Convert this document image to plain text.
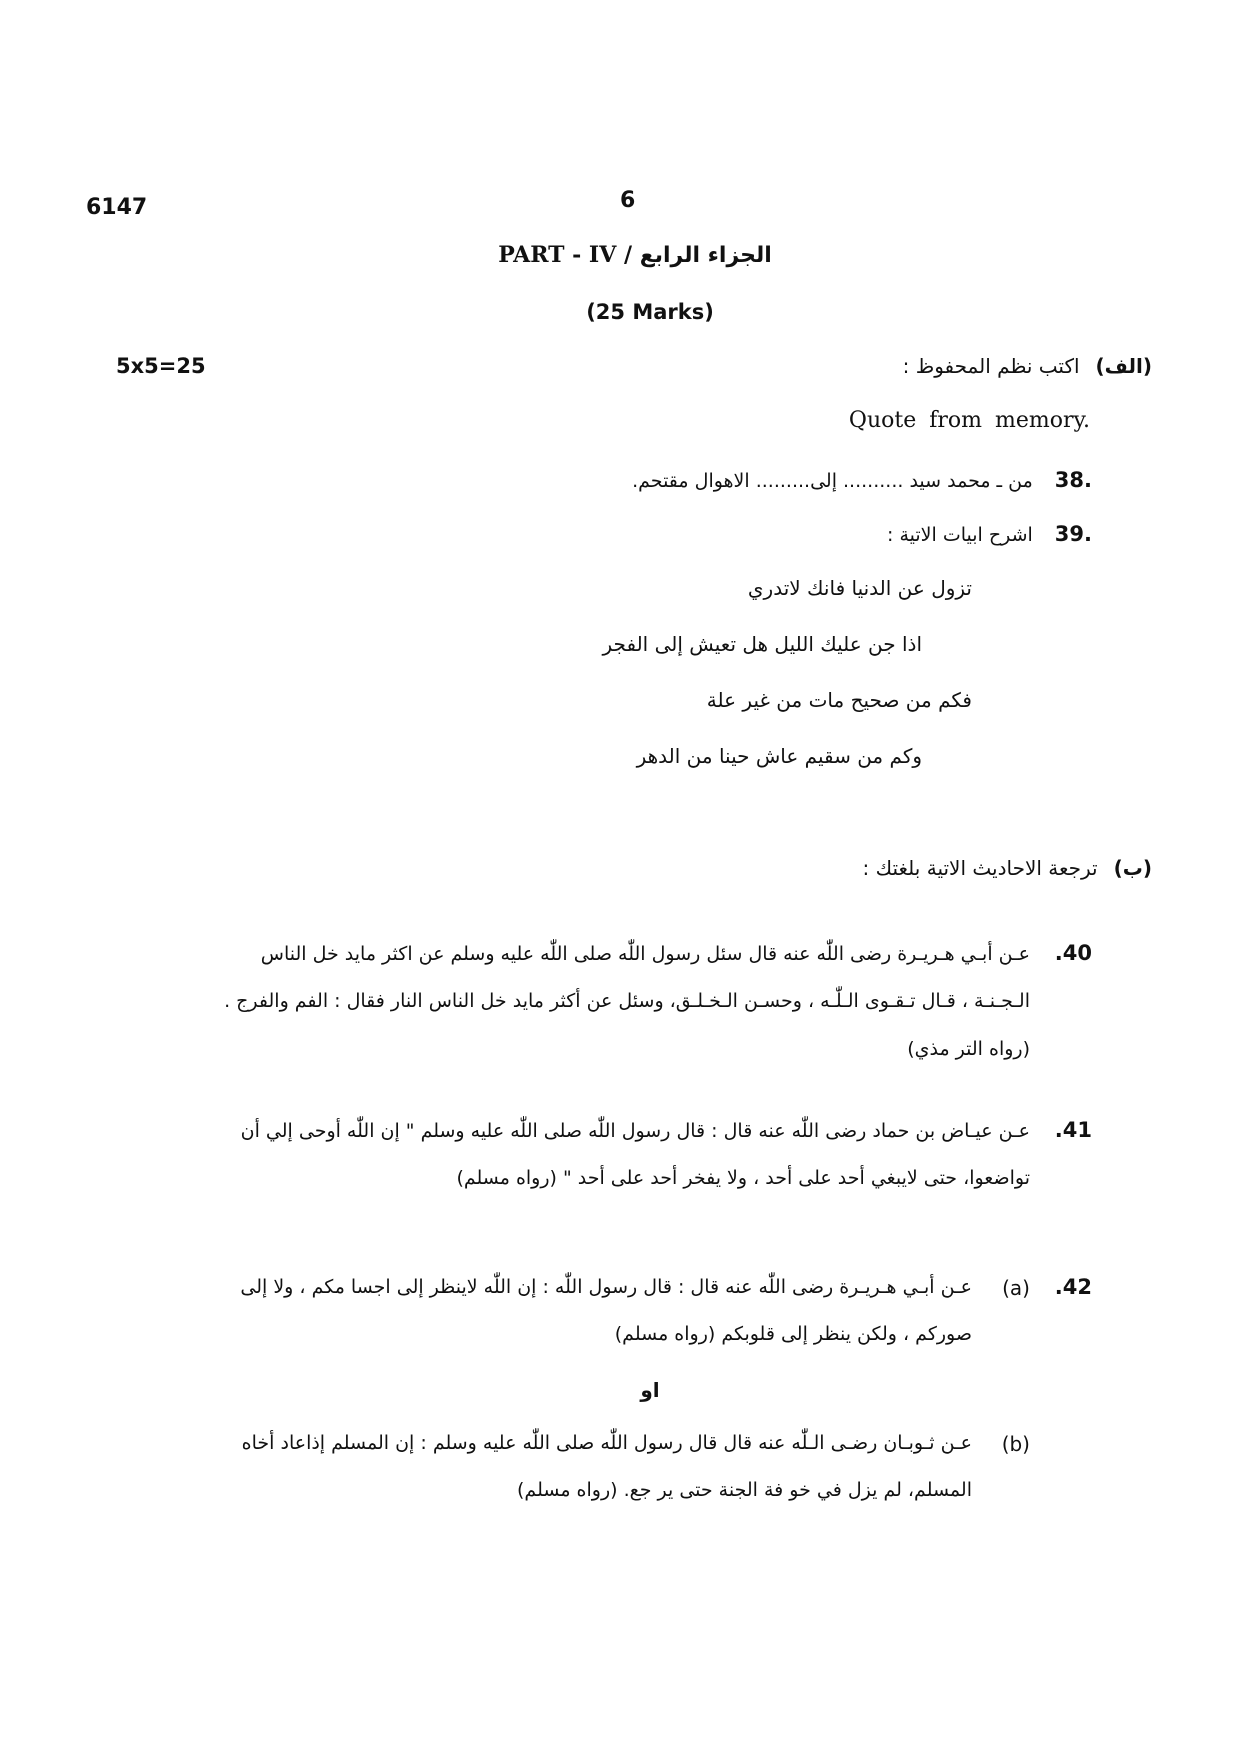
6147	6
PART - IV / الجزاء الرابع
(25 Marks)
5x5=25	(الف)اكتب نظم المحفوظ :
Quote from memory.
38.
من ـ محمد سيد .......... إلى......... الاهوال مقتحم.
39.
اشرح ابيات الاتية :
تزول عن الدنيا فانك لاتدري
اذا جن عليك الليل هل تعيش إلى الفجر
فكم من صحيح مات من غير علة
وكم من سقيم عاش حينا من الدهر
(ب)ترجعة الاحاديث الاتية بلغتك :
.40
عـن أبـي هـريـرة رضى اللّٰه عنه قال سئل رسول اللّٰه صلى اللّٰه عليه وسلم عن اكثر مايد خل الناس
الـجـنـة ، قـال تـقـوى الـلّٰـه ، وحسـن الـخـلـق، وسئل عن أكثر مايد خل الناس النار فقال : الفم والفرج .
(رواه التر مذي)
.41
عـن عيـاض بن حماد رضى اللّٰه عنه قال : قال رسول اللّٰه صلى اللّٰه عليه وسلم " إن اللّٰه أوحى إلي أن
تواضعوا، حتى لايبغي أحد على أحد ، ولا يفخر أحد على أحد " (رواه مسلم)
.42
(a)
عـن أبـي هـريـرة رضى اللّٰه عنه قال : قال رسول اللّٰه : إن اللّٰه لاينظر إلى اجسا مكم ، ولا إلى
صوركم ، ولكن ينظر إلى قلوبكم (رواه مسلم)
او
(b)
عـن ثـوبـان رضـى الـلّٰه عنه قال قال رسول اللّٰه صلى اللّٰه عليه وسلم : إن المسلم إذاعاد أخاه
المسلم، لم يزل في خو فة الجنة حتى ير جع. (رواه مسلم)
